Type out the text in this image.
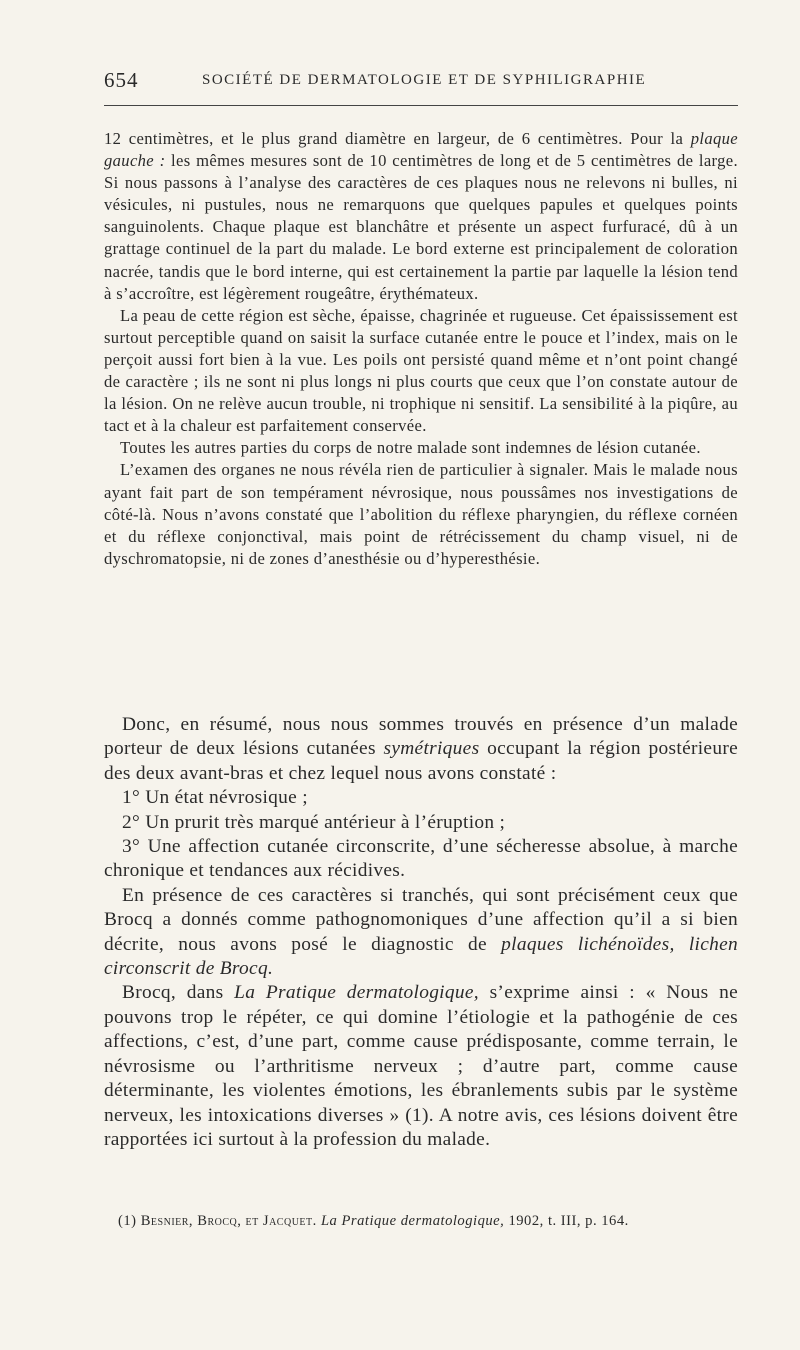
654	SOCIÉTÉ DE DERMATOLOGIE ET DE SYPHILIGRAPHIE

12 centimètres, et le plus grand diamètre en largeur, de 6 centimètres. Pour la plaque gauche : les mêmes mesures sont de 10 centimètres de long et de 5 centimètres de large. Si nous passons à l’analyse des caractères de ces plaques nous ne relevons ni bulles, ni vésicules, ni pustules, nous ne remarquons que quelques papules et quelques points sanguinolents. Chaque plaque est blanchâtre et présente un aspect furfuracé, dû à un grattage continuel de la part du malade. Le bord externe est principalement de coloration nacrée, tandis que le bord interne, qui est certainement la partie par laquelle la lésion tend à s’accroître, est légèrement rougeâtre, érythémateux.

La peau de cette région est sèche, épaisse, chagrinée et rugueuse. Cet épaississement est surtout perceptible quand on saisit la surface cutanée entre le pouce et l’index, mais on le perçoit aussi fort bien à la vue. Les poils ont persisté quand même et n’ont point changé de caractère ; ils ne sont ni plus longs ni plus courts que ceux que l’on constate autour de la lésion. On ne relève aucun trouble, ni trophique ni sensitif. La sensibilité à la piqûre, au tact et à la chaleur est parfaitement conservée.

Toutes les autres parties du corps de notre malade sont indemnes de lésion cutanée.

L’examen des organes ne nous révéla rien de particulier à signaler. Mais le malade nous ayant fait part de son tempérament névrosique, nous poussâmes nos investigations de côté-là. Nous n’avons constaté que l’abolition du réflexe pharyngien, du réflexe cornéen et du réflexe conjonctival, mais point de rétrécissement du champ visuel, ni de dyschromatopsie, ni de zones d’anesthésie ou d’hyperesthésie.

Donc, en résumé, nous nous sommes trouvés en présence d’un malade porteur de deux lésions cutanées symétriques occupant la région postérieure des deux avant-bras et chez lequel nous avons constaté :

1° Un état névrosique ;

2° Un prurit très marqué antérieur à l’éruption ;

3° Une affection cutanée circonscrite, d’une sécheresse absolue, à marche chronique et tendances aux récidives.

En présence de ces caractères si tranchés, qui sont précisément ceux que Brocq a donnés comme pathognomoniques d’une affection qu’il a si bien décrite, nous avons posé le diagnostic de plaques lichénoïdes, lichen circonscrit de Brocq.

Brocq, dans La Pratique dermatologique, s’exprime ainsi : « Nous ne pouvons trop le répéter, ce qui domine l’étiologie et la pathogénie de ces affections, c’est, d’une part, comme cause prédisposante, comme terrain, le névrosisme ou l’arthritisme nerveux ; d’autre part, comme cause déterminante, les violentes émotions, les ébranlements subis par le système nerveux, les intoxications diverses » (1). A notre avis, ces lésions doivent être rapportées ici surtout à la profession du malade.

(1) Besnier, Brocq, et Jacquet. La Pratique dermatologique, 1902, t. III, p. 164.
